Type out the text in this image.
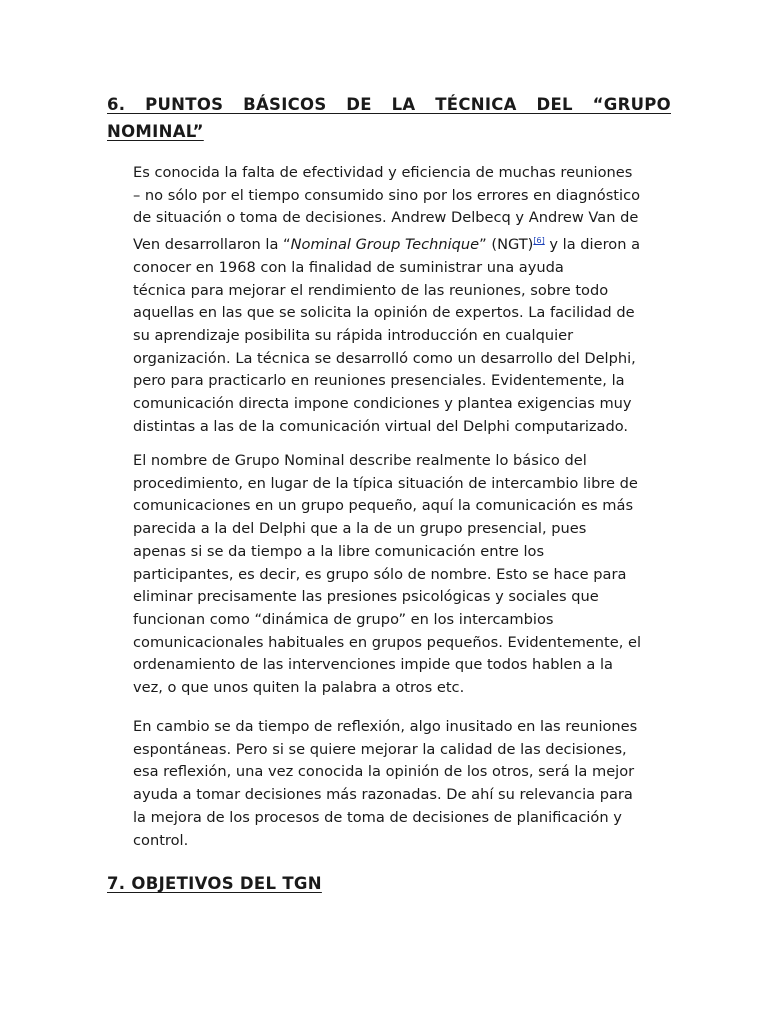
6. PUNTOS BÁSICOS DE LA TÉCNICA DEL “GRUPO
NOMINAL”

Es conocida la falta de efectividad y eficiencia de muchas reuniones
– no sólo por el tiempo consumido sino por los errores en diagnóstico
de situación o toma de decisiones. Andrew Delbecq y Andrew Van de
Ven desarrollaron la “Nominal Group Technique” (NGT)[6] y la dieron a
conocer en 1968 con la finalidad de suministrar una ayuda
técnica para mejorar el rendimiento de las reuniones, sobre todo
aquellas en las que se solicita la opinión de expertos. La facilidad de
su aprendizaje posibilita su rápida introducción en cualquier
organización. La técnica se desarrolló como un desarrollo del Delphi,
pero para practicarlo en reuniones presenciales. Evidentemente, la
comunicación directa impone condiciones y plantea exigencias muy
distintas a las de la comunicación virtual del Delphi computarizado.

El nombre de Grupo Nominal describe realmente lo básico del
procedimiento, en lugar de la típica situación de intercambio libre de
comunicaciones en un grupo pequeño, aquí la comunicación es más
parecida a la del Delphi que a la de un grupo presencial, pues
apenas si se da tiempo a la libre comunicación entre los
participantes, es decir, es grupo sólo de nombre. Esto se hace para
eliminar precisamente las presiones psicológicas y sociales que
funcionan como “dinámica de grupo” en los intercambios
comunicacionales habituales en grupos pequeños. Evidentemente, el
ordenamiento de las intervenciones impide que todos hablen a la
vez, o que unos quiten la palabra a otros etc.

En cambio se da tiempo de reflexión, algo inusitado en las reuniones
espontáneas. Pero si se quiere mejorar la calidad de las decisiones,
esa reflexión, una vez conocida la opinión de los otros, será la mejor
ayuda a tomar decisiones más razonadas. De ahí su relevancia para
la mejora de los procesos de toma de decisiones de planificación y
control.

7. OBJETIVOS DEL TGN
